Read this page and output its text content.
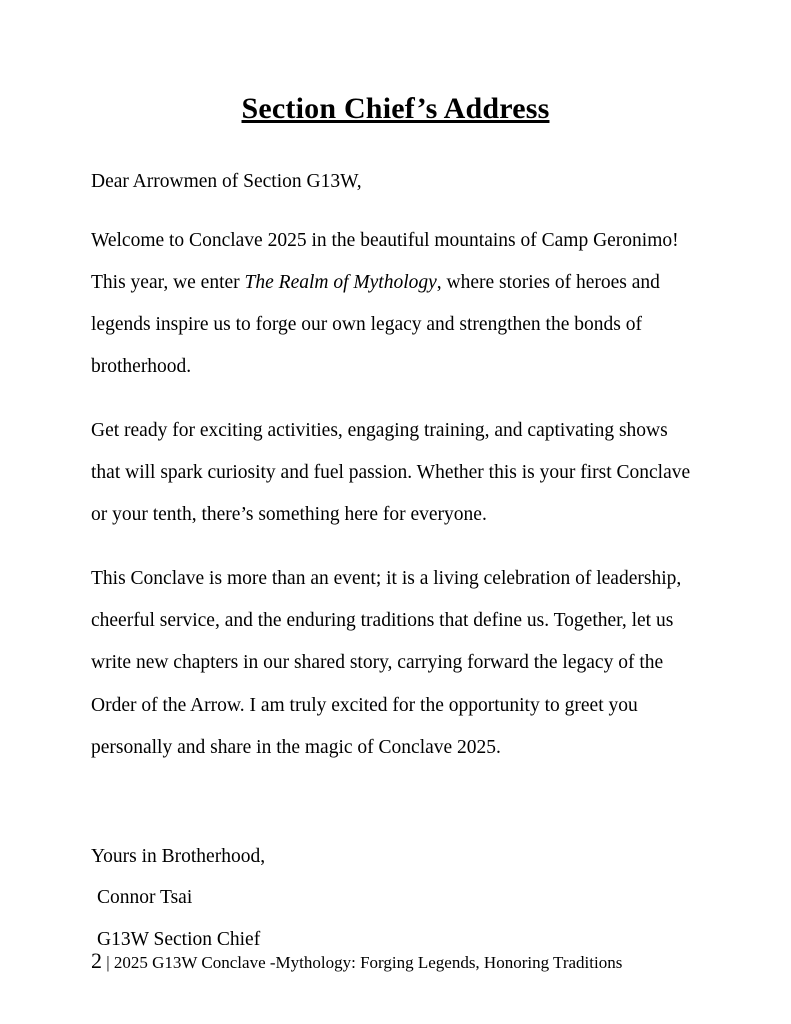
Section Chief’s Address
Dear Arrowmen of Section G13W,

Welcome to Conclave 2025 in the beautiful mountains of Camp Geronimo! This year, we enter The Realm of Mythology, where stories of heroes and legends inspire us to forge our own legacy and strengthen the bonds of brotherhood.

Get ready for exciting activities, engaging training, and captivating shows that will spark curiosity and fuel passion. Whether this is your first Conclave or your tenth, there’s something here for everyone.

This Conclave is more than an event; it is a living celebration of leadership, cheerful service, and the enduring traditions that define us. Together, let us write new chapters in our shared story, carrying forward the legacy of the Order of the Arrow. I am truly excited for the opportunity to greet you personally and share in the magic of Conclave 2025.

Yours in Brotherhood,
Connor Tsai
G13W Section Chief
2 | 2025 G13W Conclave -Mythology: Forging Legends, Honoring Traditions
